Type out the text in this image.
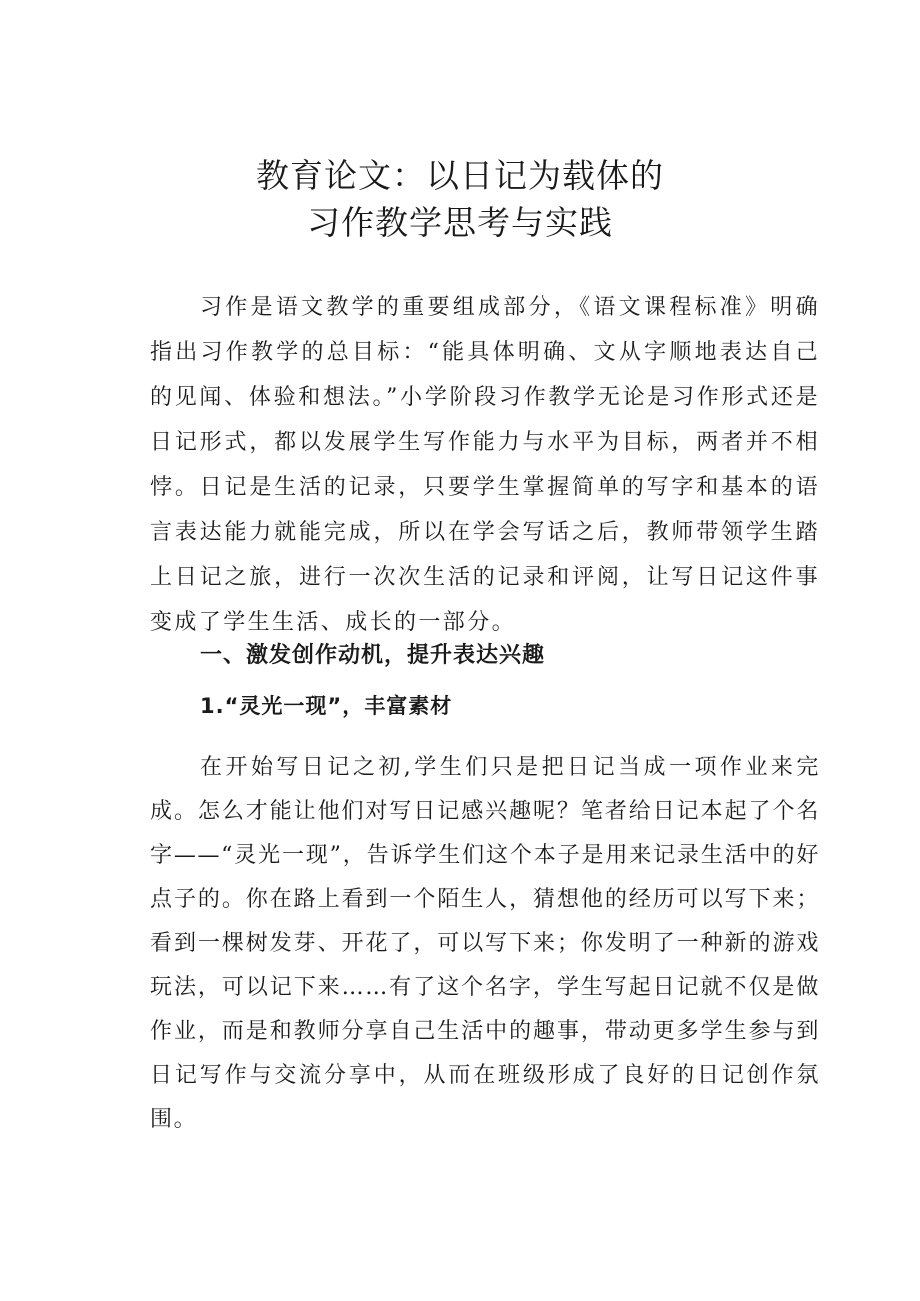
教育论文：以日记为载体的
习作教学思考与实践

习作是语文教学的重要组成部分，《语文课程标准》明确指出习作教学的总目标：“能具体明确、文从字顺地表达自己的见闻、体验和想法。”小学阶段习作教学无论是习作形式还是日记形式，都以发展学生写作能力与水平为目标，两者并不相悖。日记是生活的记录，只要学生掌握简单的写字和基本的语言表达能力就能完成，所以在学会写话之后，教师带领学生踏上日记之旅，进行一次次生活的记录和评阅，让写日记这件事变成了学生生活、成长的一部分。

一、激发创作动机，提升表达兴趣
1.“灵光一现”，丰富素材

在开始写日记之初,学生们只是把日记当成一项作业来完成。怎么才能让他们对写日记感兴趣呢？笔者给日记本起了个名字——“灵光一现”，告诉学生们这个本子是用来记录生活中的好点子的。你在路上看到一个陌生人，猜想他的经历可以写下来；看到一棵树发芽、开花了，可以写下来；你发明了一种新的游戏玩法，可以记下来……有了这个名字，学生写起日记就不仅是做作业，而是和教师分享自己生活中的趣事，带动更多学生参与到日记写作与交流分享中，从而在班级形成了良好的日记创作氛围。
